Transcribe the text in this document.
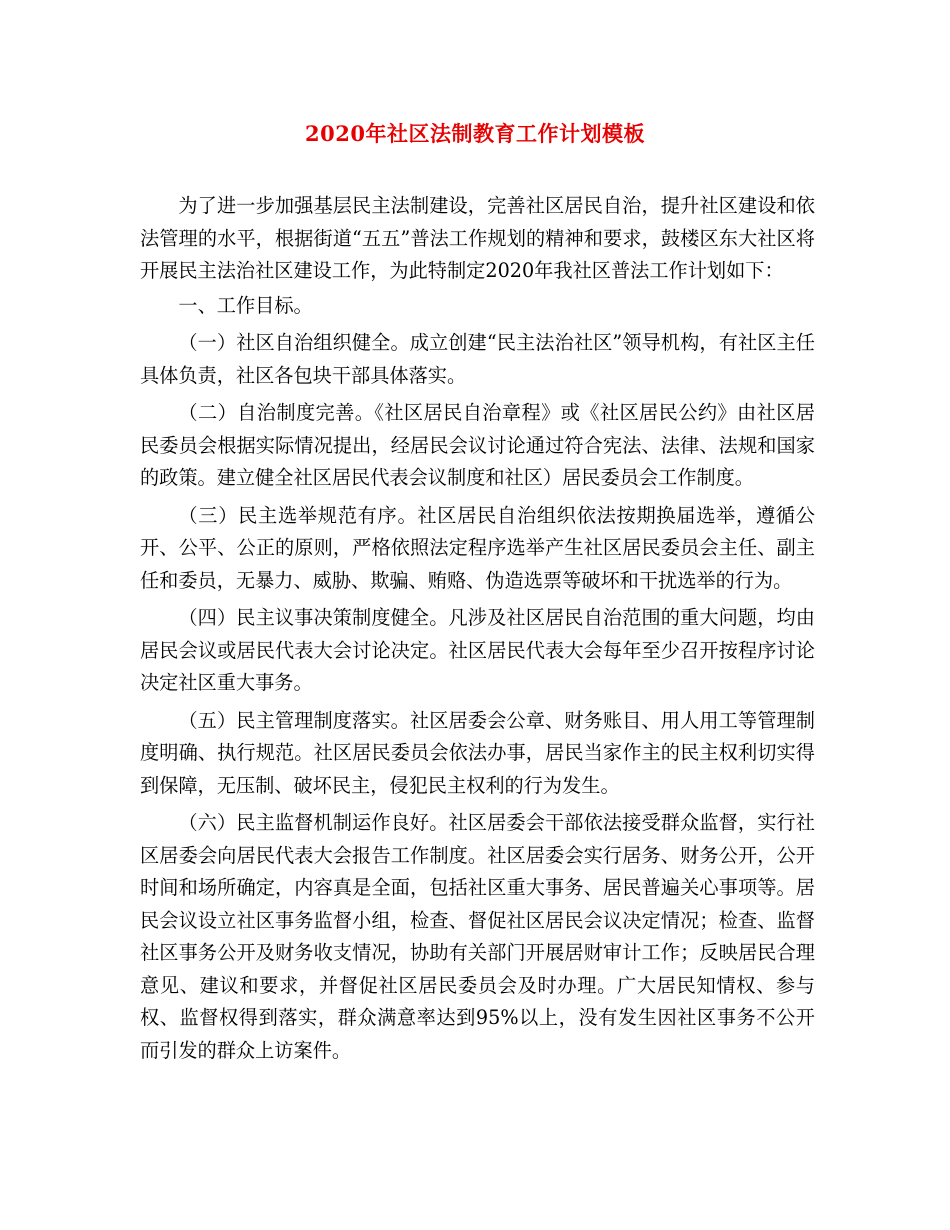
2020年社区法制教育工作计划模板

为了进一步加强基层民主法制建设，完善社区居民自治，提升社区建设和依法管理的水平，根据街道“五五”普法工作规划的精神和要求，鼓楼区东大社区将开展民主法治社区建设工作，为此特制定2020年我社区普法工作计划如下：

一、工作目标。

（一）社区自治组织健全。成立创建“民主法治社区”领导机构，有社区主任具体负责，社区各包块干部具体落实。

（二）自治制度完善。《社区居民自治章程》或《社区居民公约》由社区居民委员会根据实际情况提出，经居民会议讨论通过符合宪法、法律、法规和国家的政策。建立健全社区居民代表会议制度和社区）居民委员会工作制度。

（三）民主选举规范有序。社区居民自治组织依法按期换届选举，遵循公开、公平、公正的原则，严格依照法定程序选举产生社区居民委员会主任、副主任和委员，无暴力、威胁、欺骗、贿赂、伪造选票等破坏和干扰选举的行为。

（四）民主议事决策制度健全。凡涉及社区居民自治范围的重大问题，均由居民会议或居民代表大会讨论决定。社区居民代表大会每年至少召开按程序讨论决定社区重大事务。

（五）民主管理制度落实。社区居委会公章、财务账目、用人用工等管理制度明确、执行规范。社区居民委员会依法办事，居民当家作主的民主权利切实得到保障，无压制、破坏民主，侵犯民主权利的行为发生。

（六）民主监督机制运作良好。社区居委会干部依法接受群众监督，实行社区居委会向居民代表大会报告工作制度。社区居委会实行居务、财务公开，公开时间和场所确定，内容真是全面，包括社区重大事务、居民普遍关心事项等。居民会议设立社区事务监督小组，检查、督促社区居民会议决定情况；检查、监督社区事务公开及财务收支情况，协助有关部门开展居财审计工作；反映居民合理意见、建议和要求，并督促社区居民委员会及时办理。广大居民知情权、参与权、监督权得到落实，群众满意率达到95%以上，没有发生因社区事务不公开而引发的群众上访案件。
